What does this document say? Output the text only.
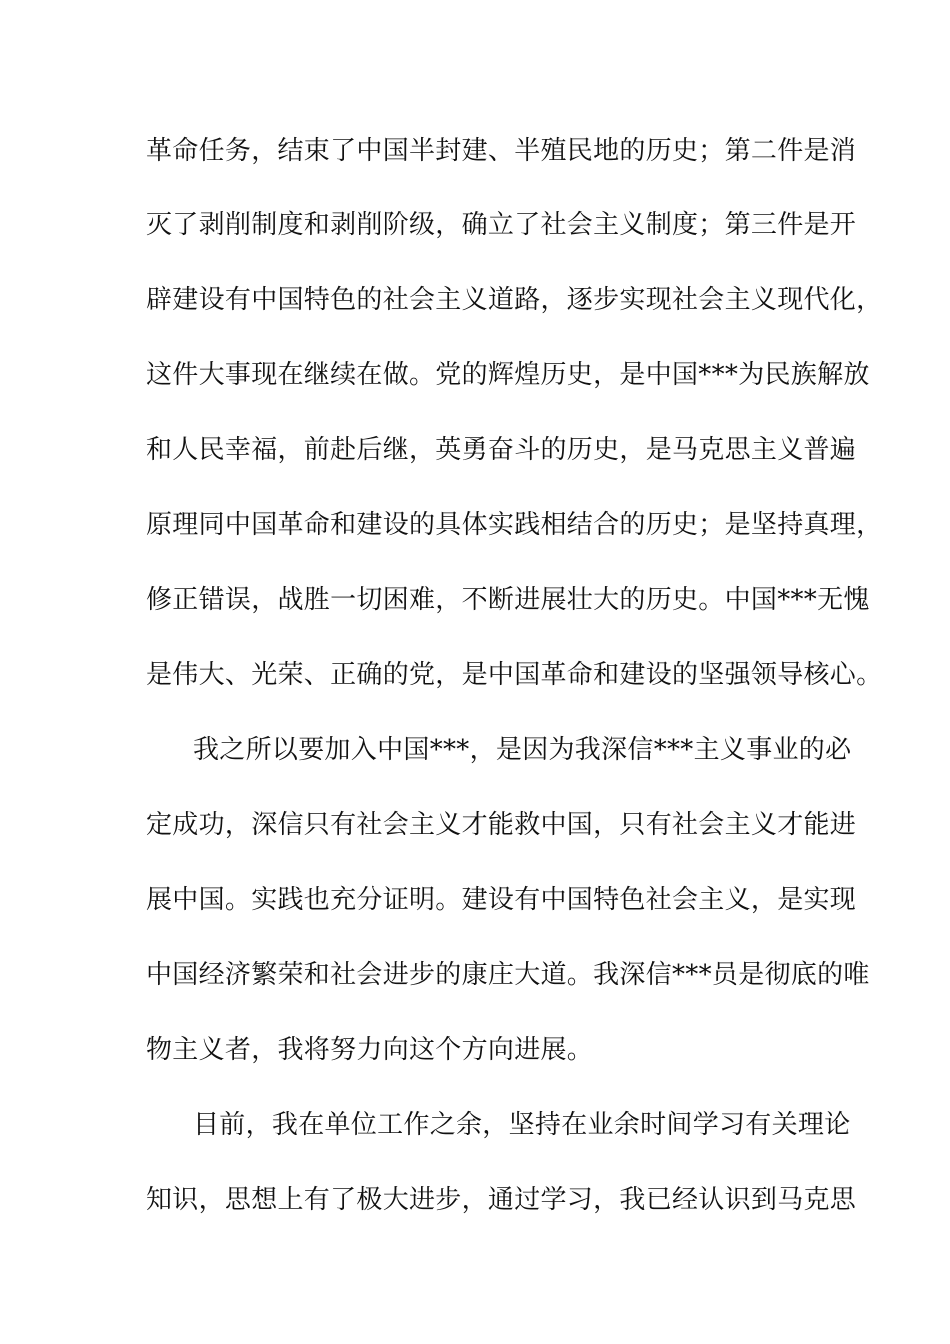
革命任务，结束了中国半封建、半殖民地的历史；第二件是消
灭了剥削制度和剥削阶级，确立了社会主义制度；第三件是开
辟建设有中国特色的社会主义道路，逐步实现社会主义现代化，
这件大事现在继续在做。党的辉煌历史，是中国***为民族解放
和人民幸福，前赴后继，英勇奋斗的历史，是马克思主义普遍
原理同中国革命和建设的具体实践相结合的历史；是坚持真理，
修正错误，战胜一切困难，不断进展壮大的历史。中国***无愧
是伟大、光荣、正确的党，是中国革命和建设的坚强领导核心。
我之所以要加入中国***，是因为我深信***主义事业的必
定成功，深信只有社会主义才能救中国，只有社会主义才能进
展中国。实践也充分证明。建设有中国特色社会主义，是实现
中国经济繁荣和社会进步的康庄大道。我深信***员是彻底的唯
物主义者，我将努力向这个方向进展。
目前，我在单位工作之余，坚持在业余时间学习有关理论
知识，思想上有了极大进步，通过学习，我已经认识到马克思
